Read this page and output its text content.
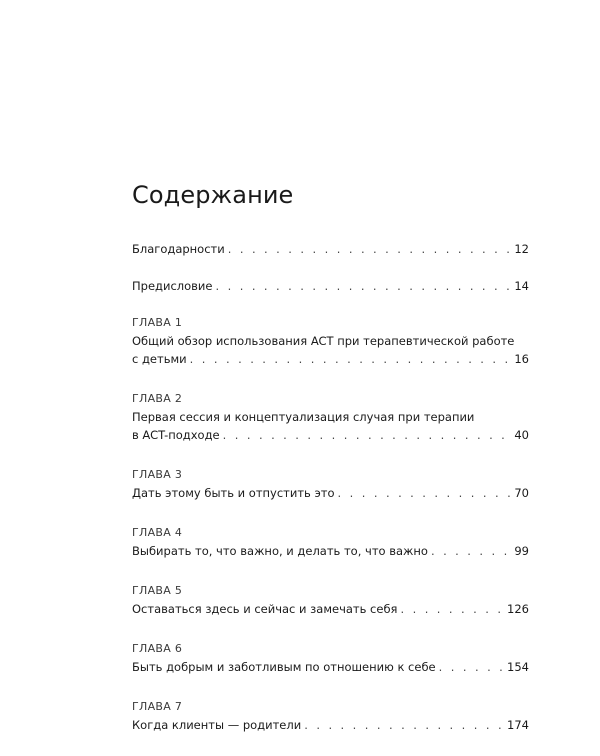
Содержание
Благодарности . . .	12
Предисловие . . .	14
ГЛАВА 1
Общий обзор использования ACT при терапевтической работе
с детьми . . .	16
ГЛАВА 2
Первая сессия и концептуализация случая при терапии
в ACT-подходе . . .	40
ГЛАВА 3
Дать этому быть и отпустить это . . .	70
ГЛАВА 4
Выбирать то, что важно, и делать то, что важно . . .	99
ГЛАВА 5
Оставаться здесь и сейчас и замечать себя . . .	126
ГЛАВА 6
Быть добрым и заботливым по отношению к себе . . .	154
ГЛАВА 7
Когда клиенты — родители . . .	174
